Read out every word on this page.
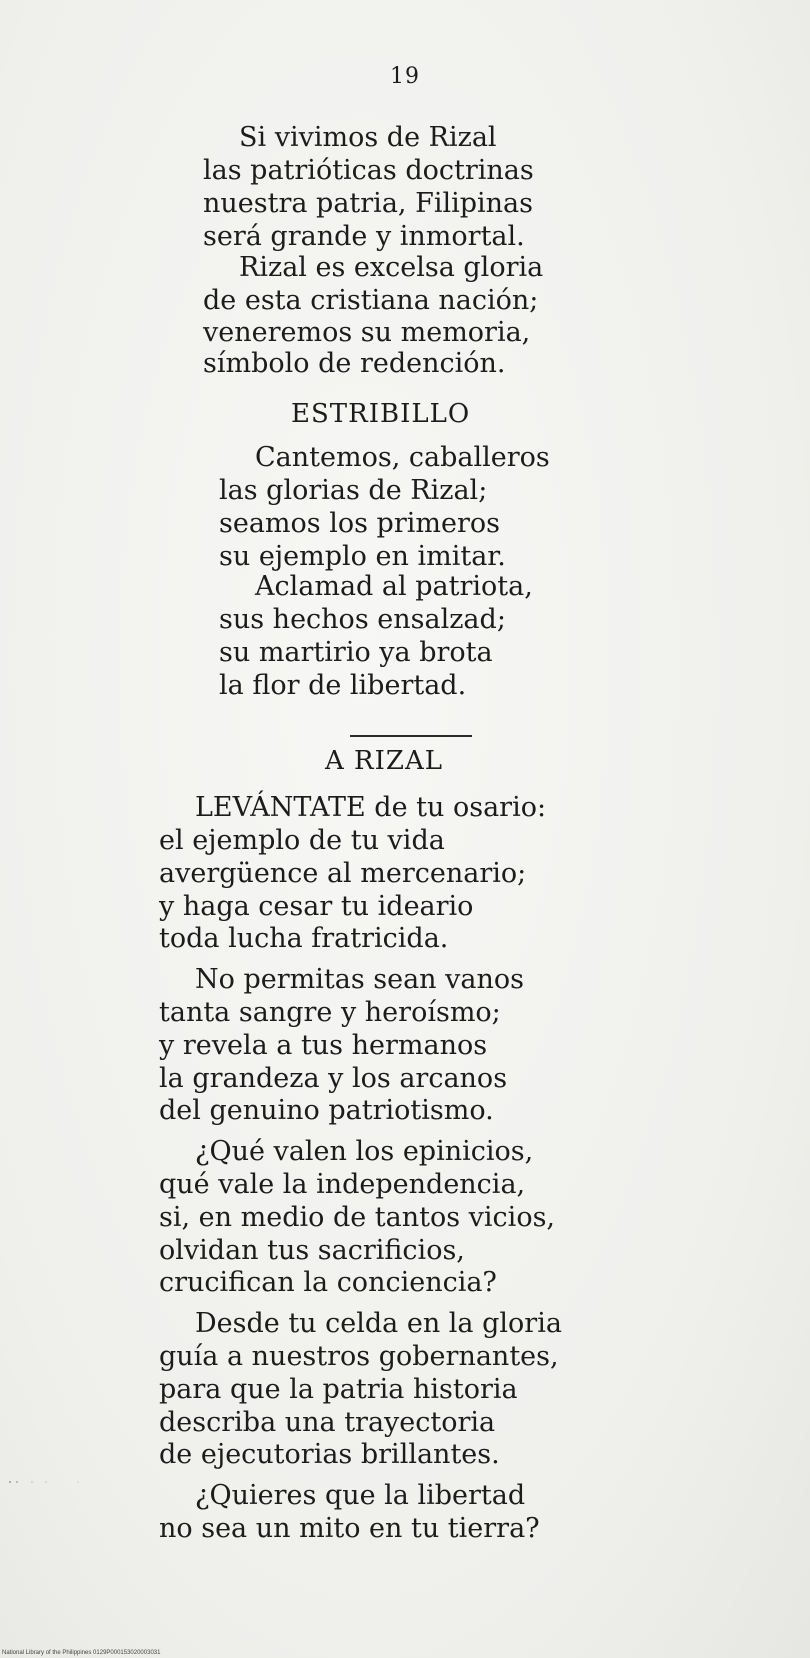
19
Si vivimos de Rizal
las patrióticas doctrinas
nuestra patria, Filipinas
será grande y inmortal.
Rizal es excelsa gloria
de esta cristiana nación;
veneremos su memoria,
símbolo de redención.
ESTRIBILLO
Cantemos, caballeros
las glorias de Rizal;
seamos los primeros
su ejemplo en imitar.
Aclamad al patriota,
sus hechos ensalzad;
su martirio ya brota
la flor de libertad.
A RIZAL
LEVÁNTATE de tu osario:
el ejemplo de tu vida
avergüence al mercenario;
y haga cesar tu ideario
toda lucha fratricida.
No permitas sean vanos
tanta sangre y heroísmo;
y revela a tus hermanos
la grandeza y los arcanos
del genuino patriotismo.
¿Qué valen los epinicios,
qué vale la independencia,
si, en medio de tantos vicios,
olvidan tus sacrificios,
crucifican la conciencia?
Desde tu celda en la gloria
guía a nuestros gobernantes,
para que la patria historia
describa una trayectoria
de ejecutorias brillantes.
¿Quieres que la libertad
no sea un mito en tu tierra?
National Library of the Philippines 0129P000153020003031
